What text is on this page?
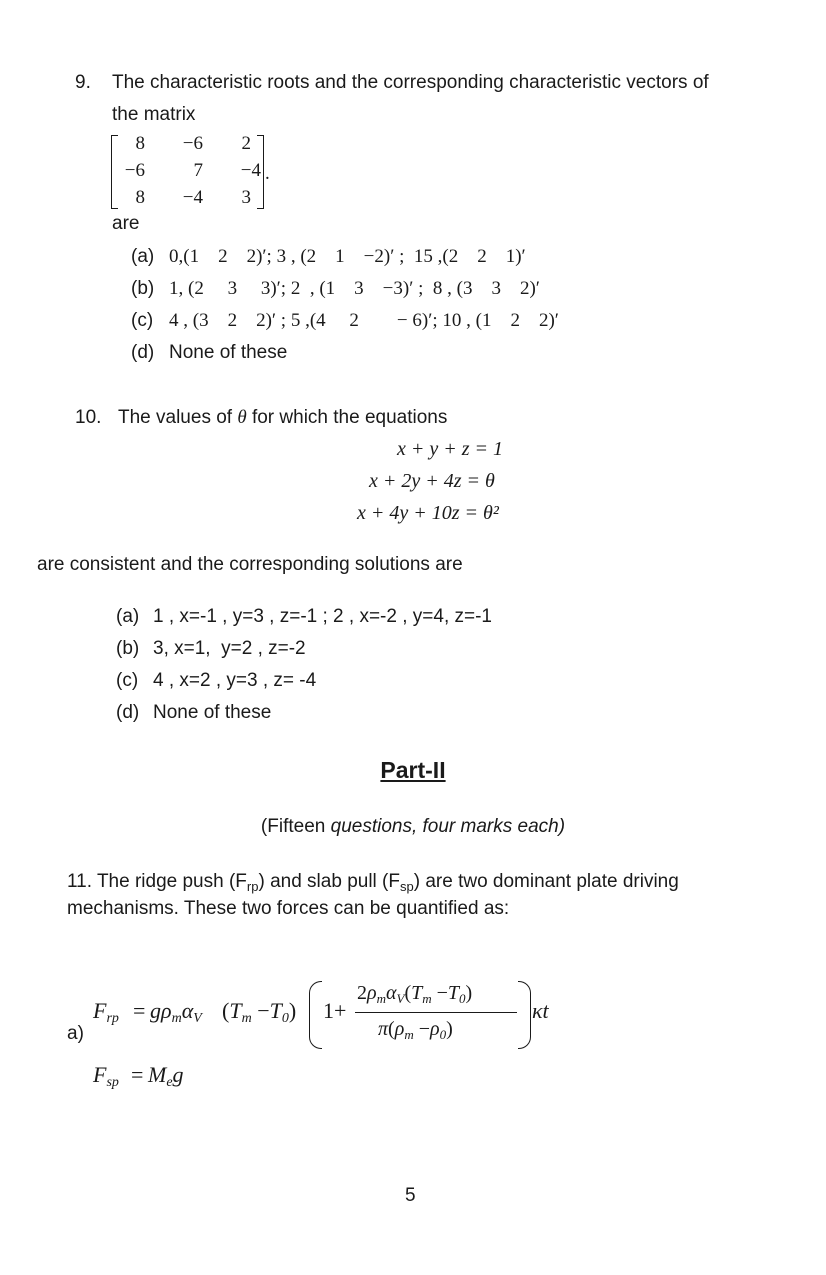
9. The characteristic roots and the corresponding characteristic vectors of
the matrix
8	−6	2
−6	7	−4
8	−4	3
.
are
(a) 0,(1    2    2)′; 3 , (2    1    −2)′ ;  15 ,(2    2    1)′
(b) 1, (2     3     3)′; 2  , (1    3    −3)′ ;  8 , (3    3    2)′
(c) 4 , (3    2    2)′ ; 5 ,(4     2        − 6)′; 10 , (1    2    2)′
(d) None of these
10. The values of θ for which the equations
x + y + z = 1
x + 2y + 4z = θ
x + 4y + 10z = θ²
are consistent and the corresponding solutions are
(a) 1 , x=-1 , y=3 , z=-1 ; 2 , x=-2 , y=4, z=-1
(b) 3, x=1,  y=2 , z=-2
(c) 4 , x=2 , y=3 , z= -4
(d) None of these
Part-II
(Fifteen questions, four marks each)
11. The ridge push $(F_{rp})$ and slab pull $(F_{sp})$ are two dominant plate driving
mechanisms. These two forces can be quantified as:
a)
$F_{rp} = g\rho_m\alpha_V$ $(T_m -T_0)$ 1+
$2\rho_m\alpha_V(T_m -T_0)$
$\pi(\rho_m -\rho_0)$
κt
$F_{sp} = M_eg$
5
